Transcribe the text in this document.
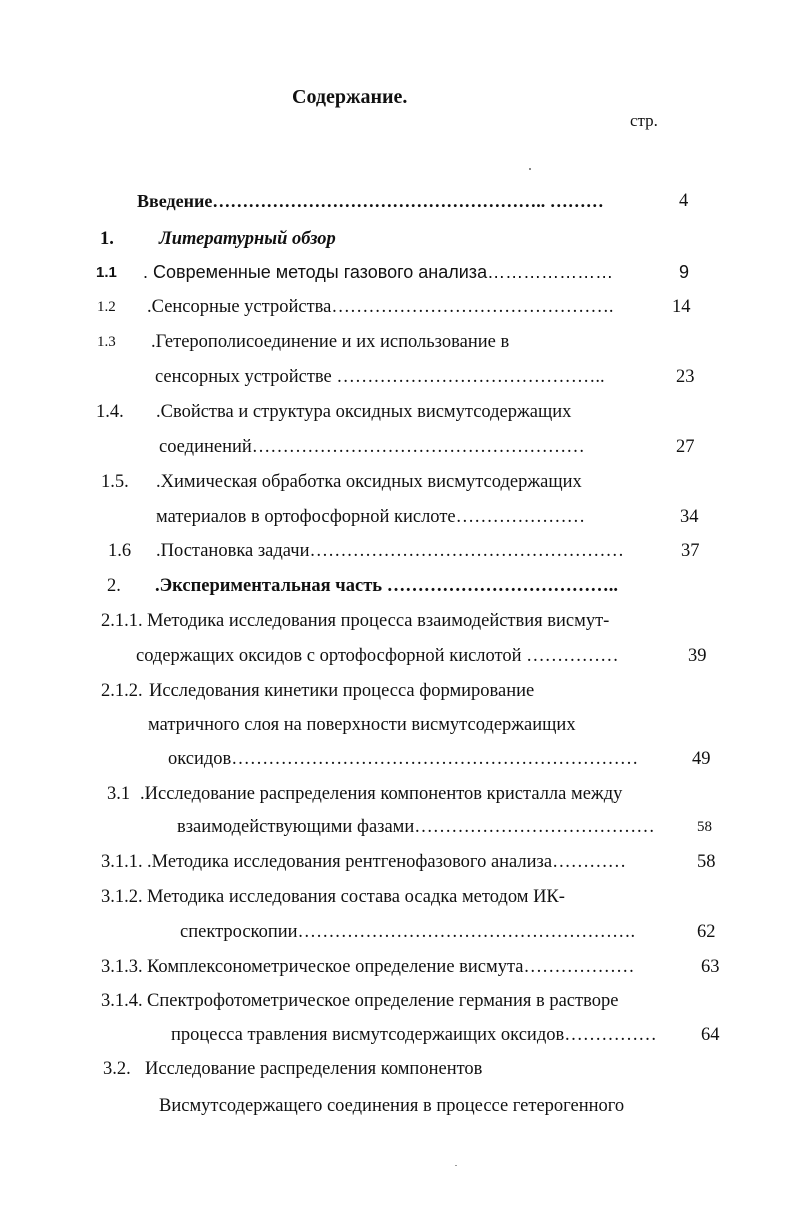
Содержание.
стр.
Введение……………………………………………….. ………	4
1. Литературный обзор
1.1 . Современные методы газового анализа…………………	9
1.2 .Сенсорные устройства……………………………………….	14
1.3 .Гетерополисоединение и их использование в
сенсорных устройстве ……………………………………..	23
1.4. .Свойства и структура оксидных висмутсодержащих
соединений………………………………………………	27
1.5. .Химическая обработка оксидных висмутсодержащих
материалов в ортофосфорной кислоте…………………	34
1.6 .Постановка задачи……………………………………………	37
2. .Экспериментальная часть ………………………………..
2.1.1. Методика исследования процесса взаимодействия висмут-
содержащих оксидов с ортофосфорной кислотой ……………	39
2.1.2. Исследования кинетики процесса формирование
матричного слоя на поверхности висмутсодержаищих
оксидов…………………………………………………………	49
3.1 .Исследование распределения компонентов кристалла между
взаимодействующими фазами…………………………………	58
3.1.1. .Методика исследования рентгенофазового анализа…………	58
3.1.2. Методика исследования состава осадка методом ИК-
спектроскопии……………………………………………….	62
3.1.3. Комплексонометрическое определение висмута………………	63
3.1.4. Спектрофотометрическое определение германия в растворе
процесса травления висмутсодержаищих оксидов…………… 64
3.2. Исследование распределения компонентов
Висмутсодержащего соединения в процессе гетерогенного
